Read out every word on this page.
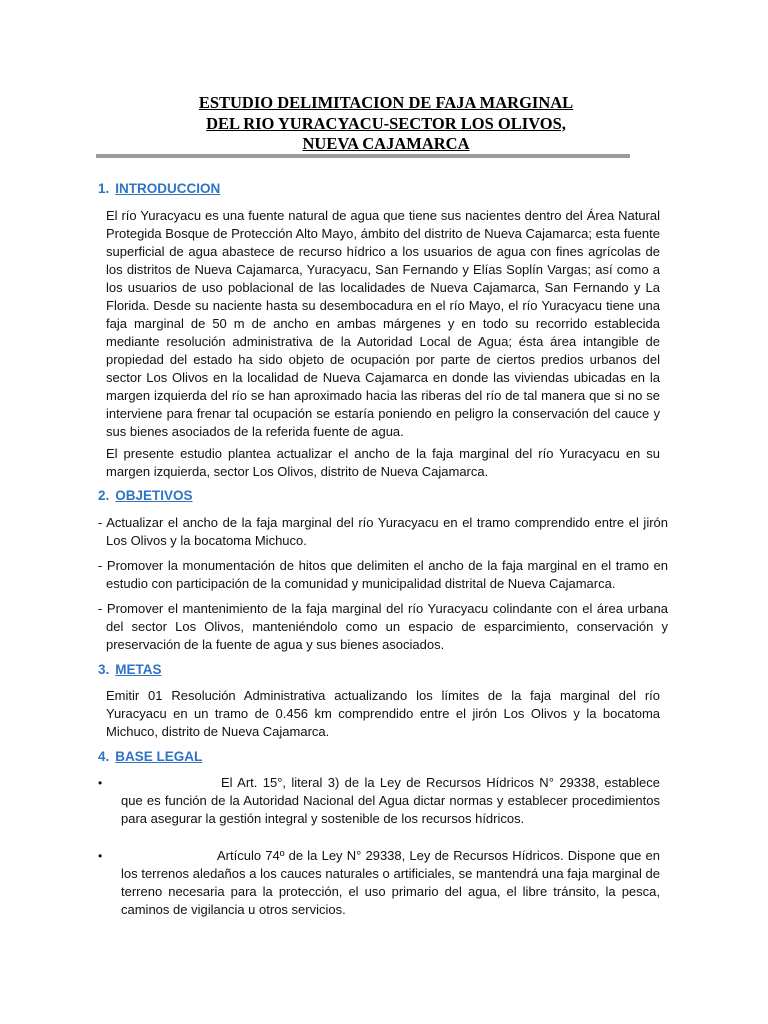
ESTUDIO DELIMITACION DE FAJA MARGINAL
DEL RIO YURACYACU-SECTOR LOS OLIVOS,
NUEVA CAJAMARCA
1. INTRODUCCION
El río Yuracyacu es una fuente natural de agua que tiene sus nacientes dentro del Área Natural Protegida Bosque de Protección Alto Mayo, ámbito del distrito de Nueva Cajamarca; esta fuente superficial de agua abastece de recurso hídrico a los usuarios de agua con fines agrícolas de los distritos de Nueva Cajamarca, Yuracyacu, San Fernando y Elías Soplín Vargas; así como a los usuarios de uso poblacional de las localidades de Nueva Cajamarca, San Fernando y La Florida. Desde su naciente hasta su desembocadura en el río Mayo, el río Yuracyacu tiene una faja marginal de 50 m de ancho en ambas márgenes y en todo su recorrido establecida mediante resolución administrativa de la Autoridad Local de Agua; ésta área intangible de propiedad del estado ha sido objeto de ocupación por parte de ciertos predios urbanos del sector Los Olivos en la localidad de Nueva Cajamarca en donde las viviendas ubicadas en la margen izquierda del río se han aproximado hacia las riberas del río de tal manera que si no se interviene para frenar tal ocupación se estaría poniendo en peligro la conservación del cauce y sus bienes asociados de la referida fuente de agua.
El presente estudio plantea actualizar el ancho de la faja marginal del río Yuracyacu en su margen izquierda, sector Los Olivos, distrito de Nueva Cajamarca.
2. OBJETIVOS
- Actualizar el ancho de la faja marginal del río Yuracyacu en el tramo comprendido entre el jirón Los Olivos y la bocatoma Michuco.
- Promover la monumentación de hitos que delimiten el ancho de la faja marginal en el tramo en estudio con participación de la comunidad y municipalidad distrital de Nueva Cajamarca.
- Promover el mantenimiento de la faja marginal del río Yuracyacu colindante con el área urbana del sector Los Olivos, manteniéndolo como un espacio de esparcimiento, conservación y preservación de la fuente de agua y sus bienes asociados.
3. METAS
Emitir 01 Resolución Administrativa actualizando los límites de la faja marginal del río Yuracyacu en un tramo de 0.456 km comprendido entre el jirón Los Olivos y la bocatoma Michuco, distrito de Nueva Cajamarca.
4. BASE LEGAL
•	El Art. 15°, literal 3) de la Ley de Recursos Hídricos N° 29338, establece que es función de la Autoridad Nacional del Agua dictar normas y establecer procedimientos para asegurar la gestión integral y sostenible de los recursos hídricos.
•	Artículo 74º de la Ley N° 29338, Ley de Recursos Hídricos. Dispone que en los terrenos aledaños a los cauces naturales o artificiales, se mantendrá una faja marginal de terreno necesaria para la protección, el uso primario del agua, el libre tránsito, la pesca, caminos de vigilancia u otros servicios.
